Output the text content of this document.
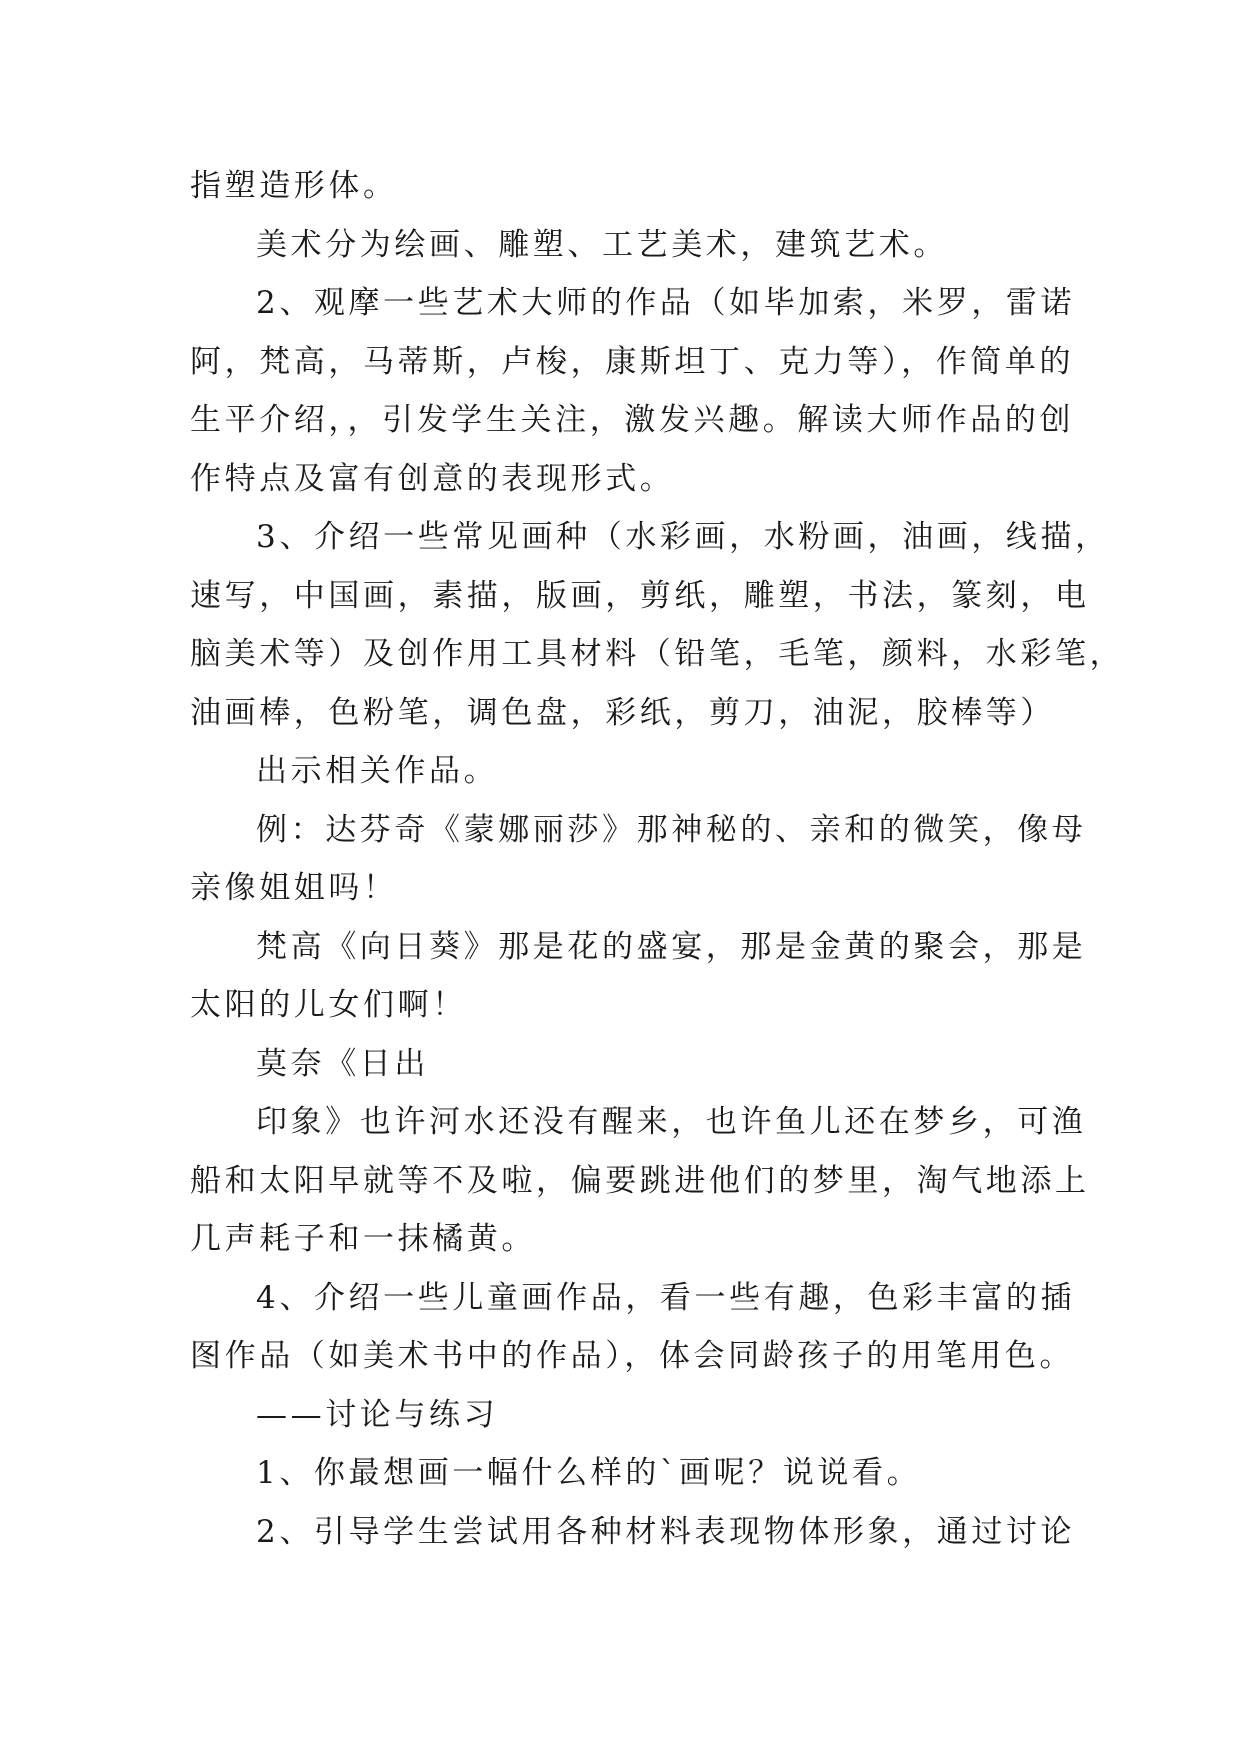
指塑造形体。
美术分为绘画、雕塑、工艺美术，建筑艺术。
2、观摩一些艺术大师的作品（如毕加索，米罗，雷诺
阿，梵高，马蒂斯，卢梭，康斯坦丁、克力等），作简单的
生平介绍，，引发学生关注，激发兴趣。解读大师作品的创
作特点及富有创意的表现形式。
3、介绍一些常见画种（水彩画，水粉画，油画，线描，
速写，中国画，素描，版画，剪纸，雕塑，书法，篆刻，电
脑美术等）及创作用工具材料（铅笔，毛笔，颜料，水彩笔，
油画棒，色粉笔，调色盘，彩纸，剪刀，油泥，胶棒等）
出示相关作品。
例：达芬奇《蒙娜丽莎》那神秘的、亲和的微笑，像母
亲像姐姐吗！
梵高《向日葵》那是花的盛宴，那是金黄的聚会，那是
太阳的儿女们啊！
莫奈《日出
印象》也许河水还没有醒来，也许鱼儿还在梦乡，可渔
船和太阳早就等不及啦，偏要跳进他们的梦里，淘气地添上
几声耗子和一抹橘黄。
4、介绍一些儿童画作品，看一些有趣，色彩丰富的插
图作品（如美术书中的作品），体会同龄孩子的用笔用色。
——讨论与练习
1、你最想画一幅什么样的`画呢？说说看。
2、引导学生尝试用各种材料表现物体形象，通过讨论
